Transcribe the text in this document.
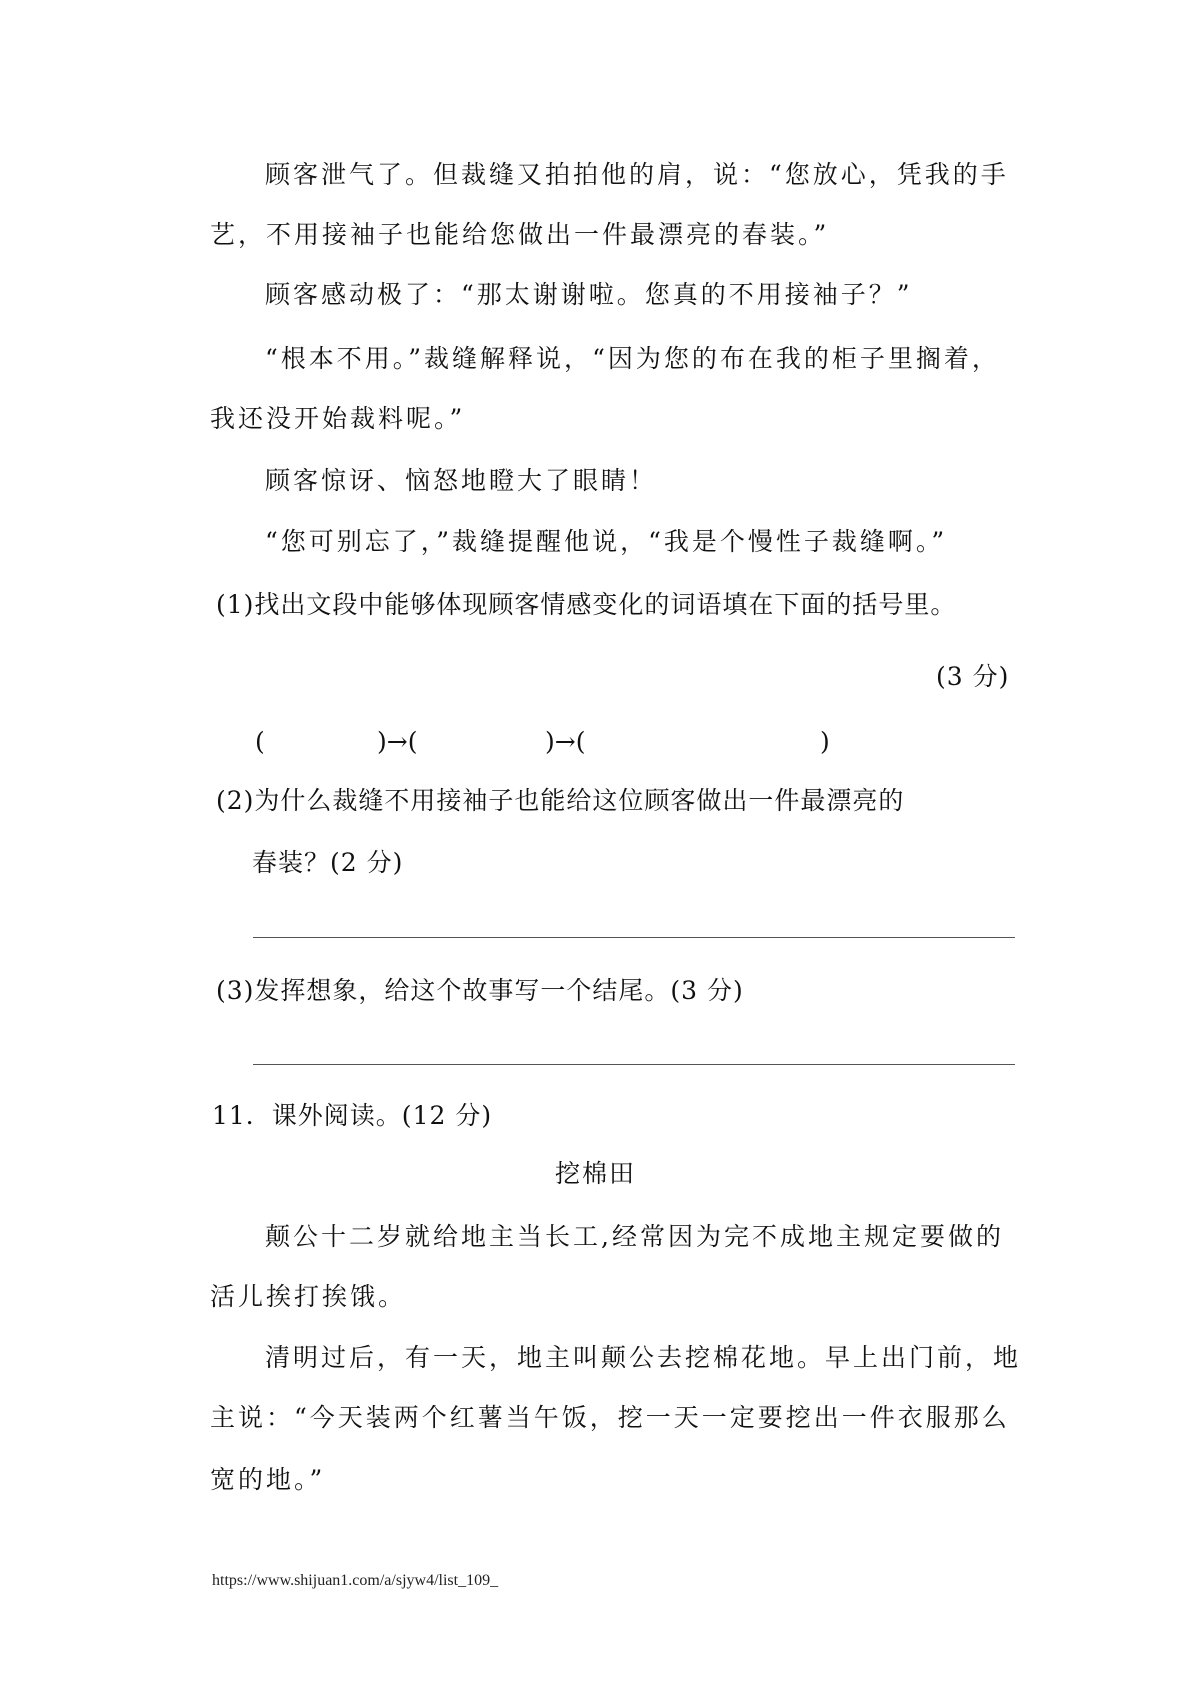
顾客泄气了。但裁缝又拍拍他的肩，说：“您放心，凭我的手
艺，不用接袖子也能给您做出一件最漂亮的春装。”
顾客感动极了：“那太谢谢啦。您真的不用接袖子？”
“根本不用。”裁缝解释说，“因为您的布在我的柜子里搁着，
我还没开始裁料呢。”
顾客惊讶、恼怒地瞪大了眼睛！
“您可别忘了，”裁缝提醒他说，“我是个慢性子裁缝啊。”
(1)找出文段中能够体现顾客情感变化的词语填在下面的括号里。
(3 分)
(	)→(	)→(	)
(2)为什么裁缝不用接袖子也能给这位顾客做出一件最漂亮的
春装？(2 分)
(3)发挥想象，给这个故事写一个结尾。(3 分)
11．课外阅读。(12 分)
挖棉田
颠公十二岁就给地主当长工,经常因为完不成地主规定要做的
活儿挨打挨饿。
清明过后，有一天，地主叫颠公去挖棉花地。早上出门前，地
主说：“今天装两个红薯当午饭，挖一天一定要挖出一件衣服那么
宽的地。”
https://www.shijuan1.com/a/sjyw4/list_109_
